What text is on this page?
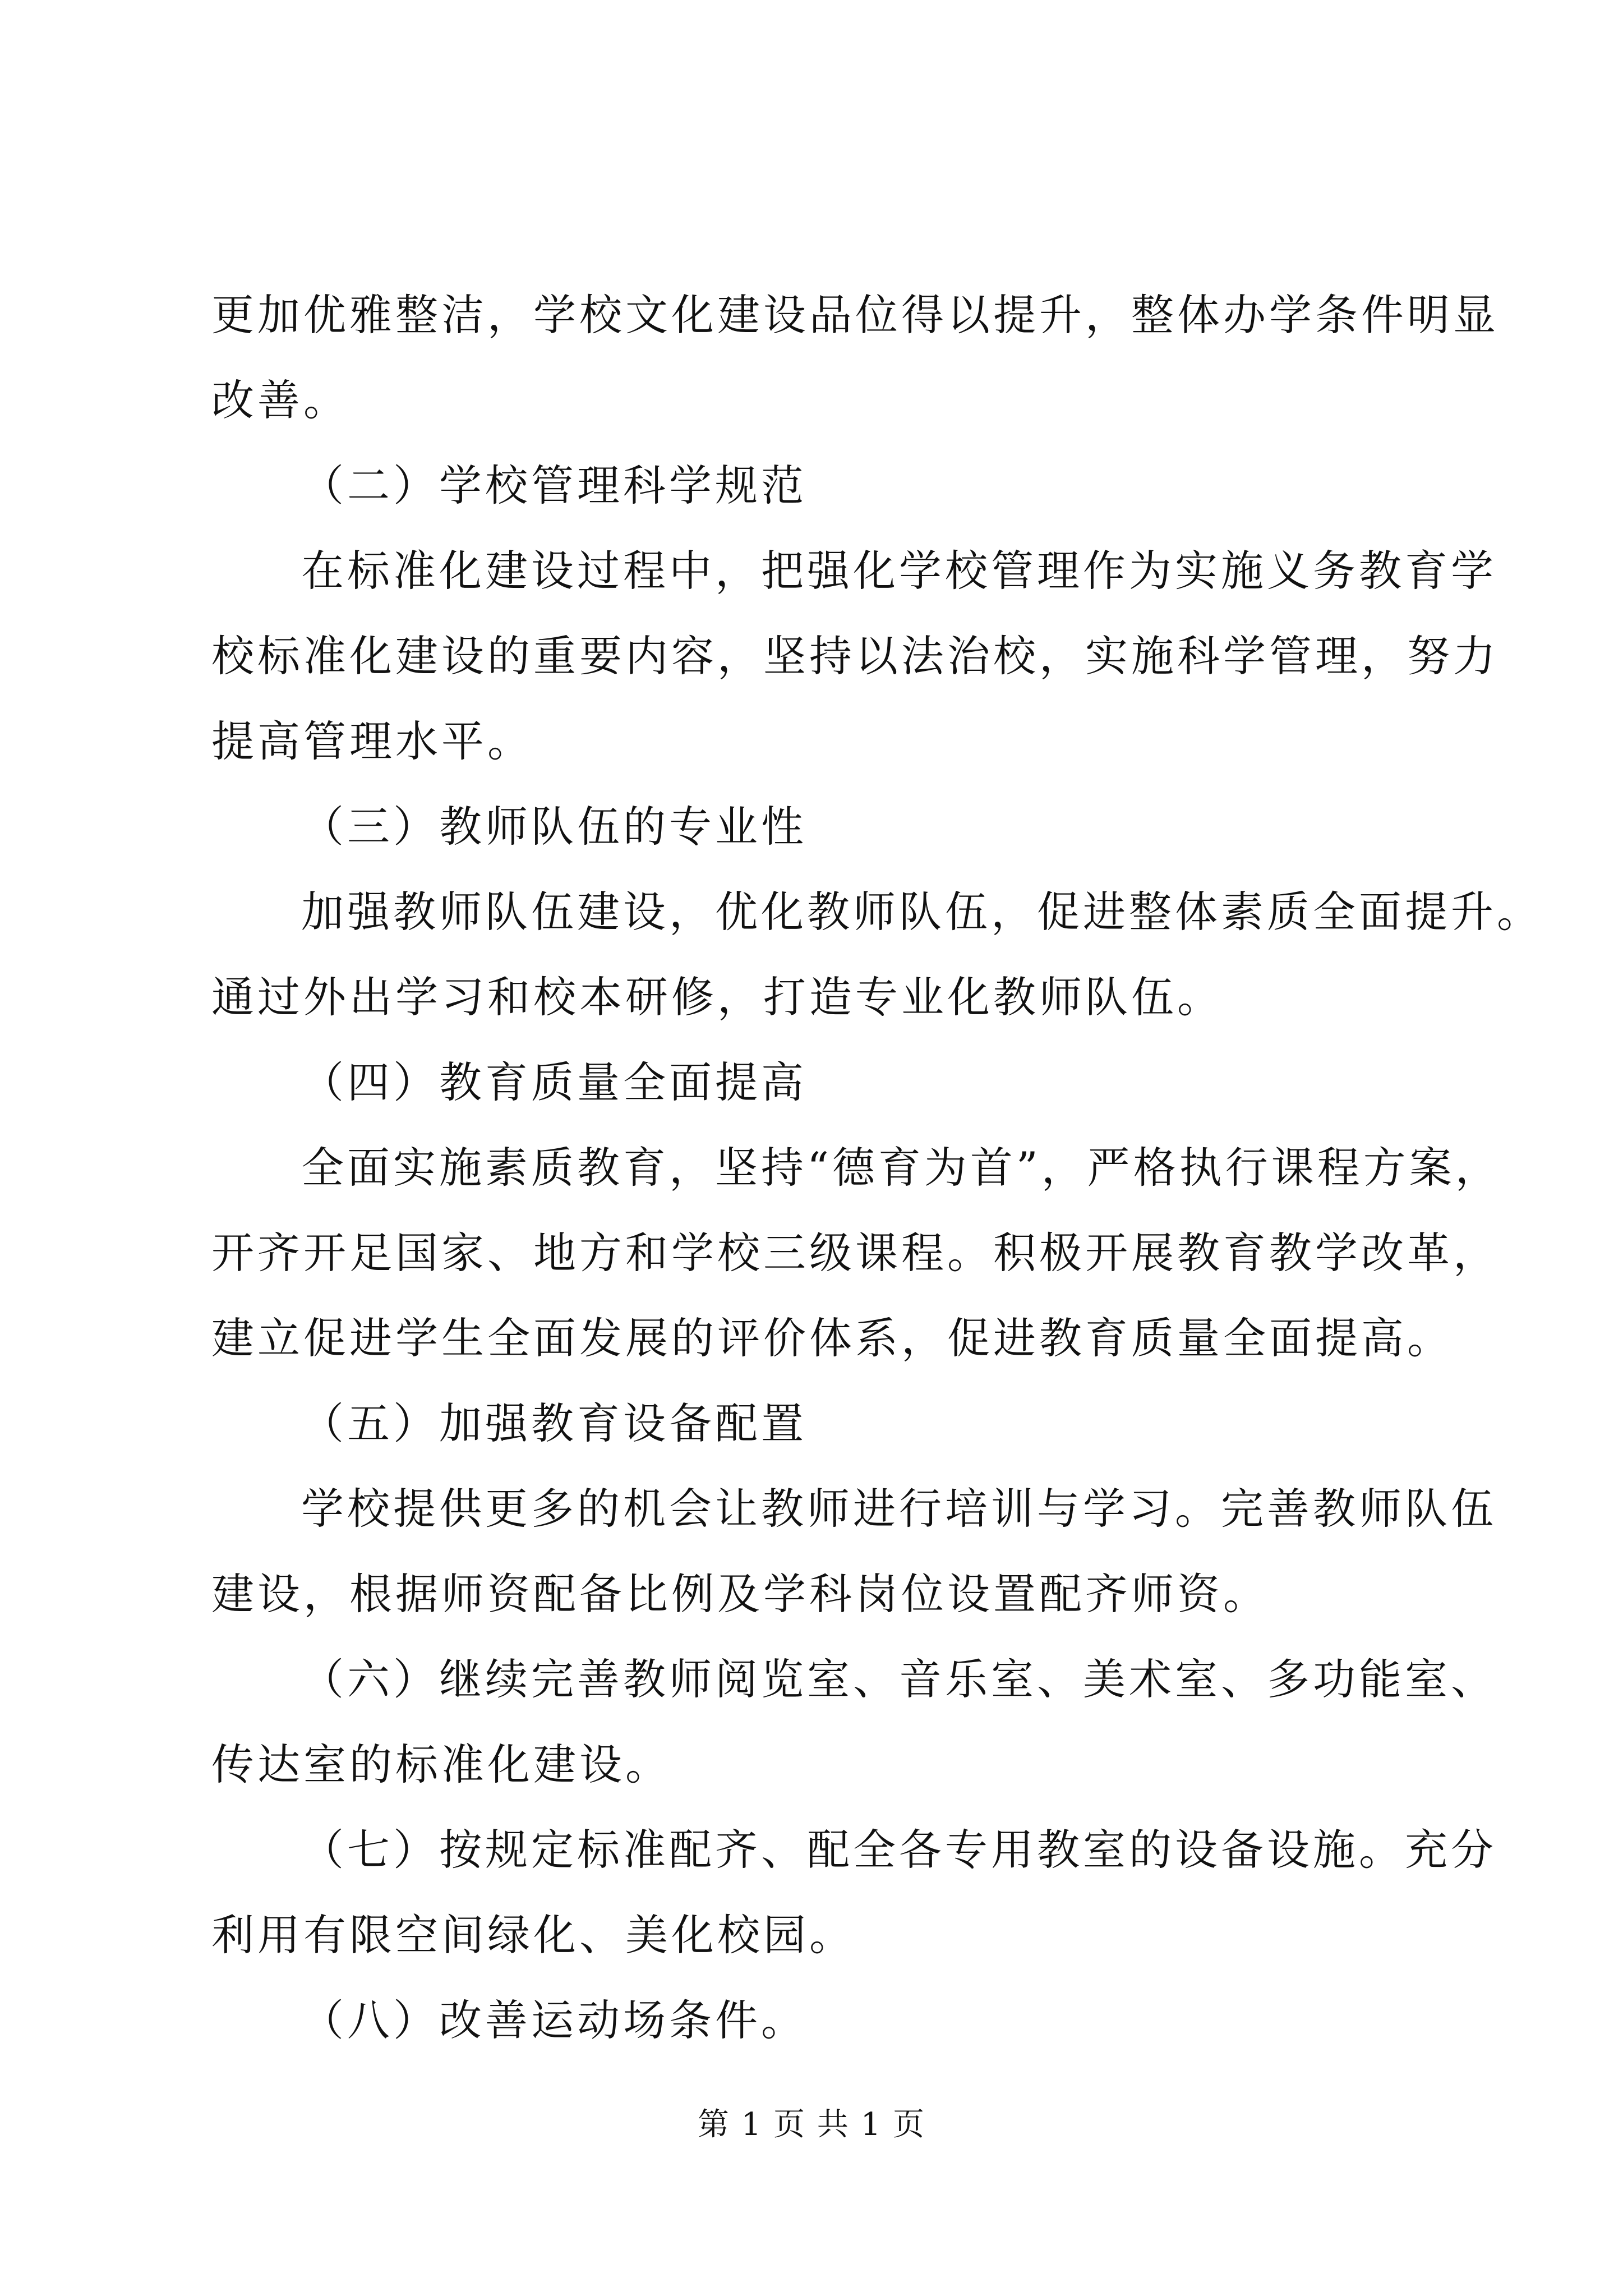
更加优雅整洁，学校文化建设品位得以提升，整体办学条件明显
改善。
（二）学校管理科学规范
在标准化建设过程中，把强化学校管理作为实施义务教育学
校标准化建设的重要内容，坚持以法治校，实施科学管理，努力
提高管理水平。
（三）教师队伍的专业性
加强教师队伍建设，优化教师队伍，促进整体素质全面提升。
通过外出学习和校本研修，打造专业化教师队伍。
（四）教育质量全面提高
全面实施素质教育，坚持“德育为首”，严格执行课程方案，
开齐开足国家、地方和学校三级课程。积极开展教育教学改革，
建立促进学生全面发展的评价体系，促进教育质量全面提高。
（五）加强教育设备配置
学校提供更多的机会让教师进行培训与学习。完善教师队伍
建设，根据师资配备比例及学科岗位设置配齐师资。
（六）继续完善教师阅览室、音乐室、美术室、多功能室、
传达室的标准化建设。
（七）按规定标准配齐、配全各专用教室的设备设施。充分
利用有限空间绿化、美化校园。
（八）改善运动场条件。
第 1 页 共 1 页
